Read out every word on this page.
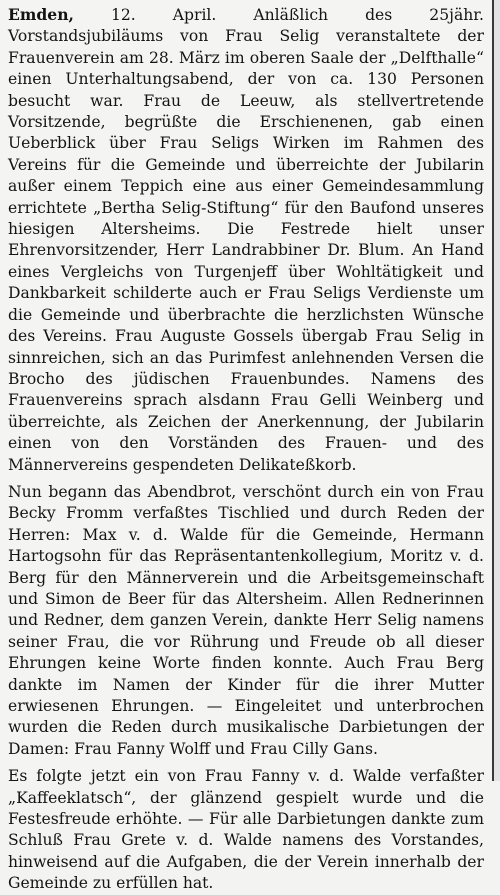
Emden, 12. April. Anläßlich des 25jähr. Vorstandsjubiläums von Frau Selig veranstaltete der Frauenverein am 28. März im oberen Saale der „Delfthalle“ einen Unterhaltungsabend, der von ca. 130 Personen besucht war. Frau de Leeuw, als stellvertretende Vorsitzende, begrüßte die Erschienenen, gab einen Ueberblick über Frau Seligs Wirken im Rahmen des Vereins für die Gemeinde und überreichte der Jubilarin außer einem Teppich eine aus einer Gemeindesammlung errichtete „Bertha Selig-Stiftung“ für den Baufond unseres hiesigen Altersheims. Die Festrede hielt unser Ehrenvorsitzender, Herr Landrabbiner Dr. Blum. An Hand eines Vergleichs von Turgenjeff über Wohltätigkeit und Dankbarkeit schilderte auch er Frau Seligs Verdienste um die Gemeinde und überbrachte die herzlichsten Wünsche des Vereins. Frau Auguste Gossels übergab Frau Selig in sinnreichen, sich an das Purimfest anlehnenden Versen die Brocho des jüdischen Frauenbundes. Namens des Frauenvereins sprach alsdann Frau Gelli Weinberg und überreichte, als Zeichen der Anerkennung, der Jubilarin einen von den Vorständen des Frauen- und des Männervereins gespendeten Delikateßkorb.

Nun begann das Abendbrot, verschönt durch ein von Frau Becky Fromm verfaßtes Tischlied und durch Reden der Herren: Max v. d. Walde für die Gemeinde, Hermann Hartogsohn für das Repräsentantenkollegium, Moritz v. d. Berg für den Männerverein und die Arbeitsgemeinschaft und Simon de Beer für das Altersheim. Allen Rednerinnen und Redner, dem ganzen Verein, dankte Herr Selig namens seiner Frau, die vor Rührung und Freude ob all dieser Ehrungen keine Worte finden konnte. Auch Frau Berg dankte im Namen der Kinder für die ihrer Mutter erwiesenen Ehrungen. — Eingeleitet und unterbrochen wurden die Reden durch musikalische Darbietungen der Damen: Frau Fanny Wolff und Frau Cilly Gans.

Es folgte jetzt ein von Frau Fanny v. d. Walde verfaßter „Kaffeeklatsch“, der glänzend gespielt wurde und die Festesfreude erhöhte. — Für alle Darbietungen dankte zum Schluß Frau Grete v. d. Walde namens des Vorstandes, hinweisend auf die Aufgaben, die der Verein innerhalb der Gemeinde zu erfüllen hat.
